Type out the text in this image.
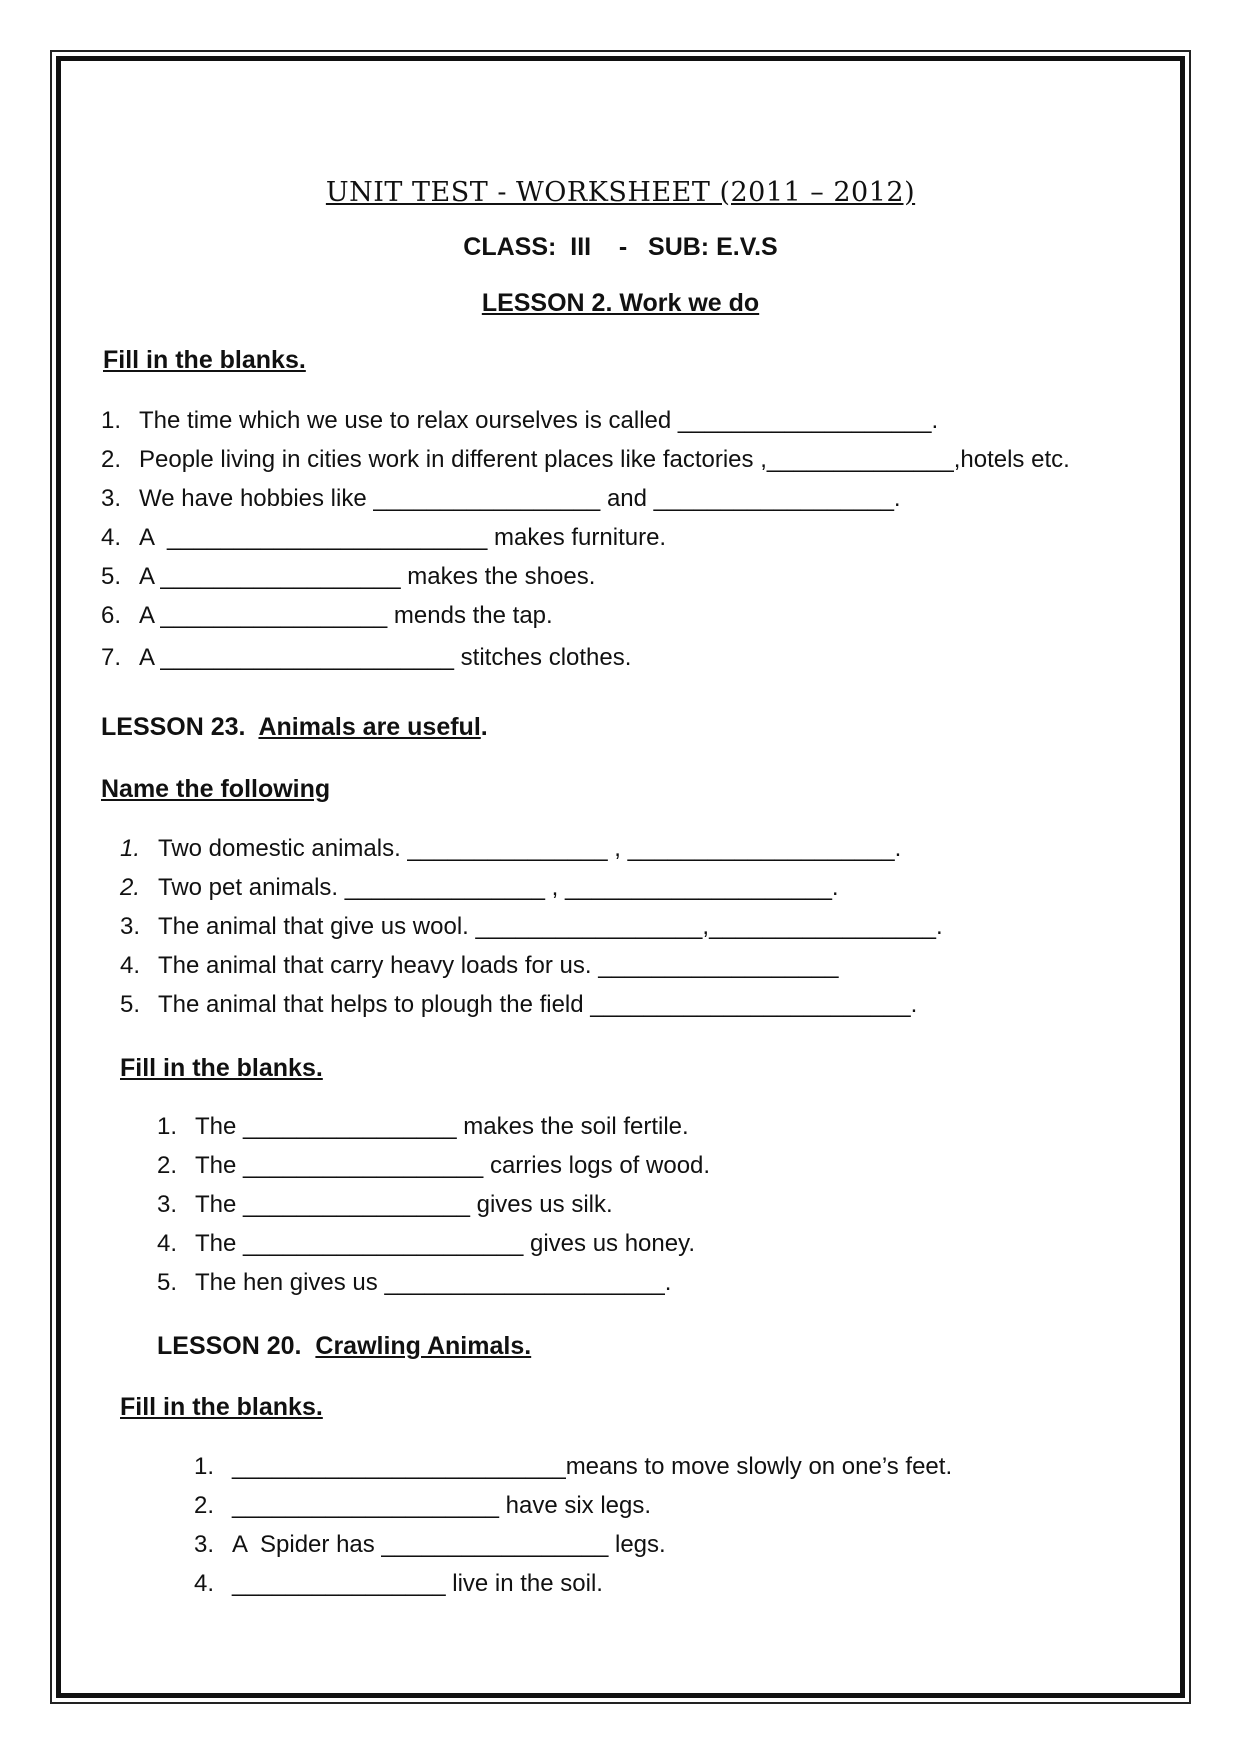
UNIT TEST - WORKSHEET (2011 – 2012)
CLASS:  III    -   SUB: E.V.S
LESSON 2. Work we do
Fill in the blanks.
1. The time which we use to relax ourselves is called ___________________.
2. People living in cities work in different places like factories ,______________,hotels etc.
3. We have hobbies like _________________ and __________________.
4. A  ________________________ makes furniture.
5. A __________________ makes the shoes.
6. A _________________ mends the tap.
7. A ______________________ stitches clothes.
LESSON 23.  Animals are useful.
Name the following
1. Two domestic animals. _______________ , ____________________.
2. Two pet animals. _______________ , ____________________.
3. The animal that give us wool. _________________,_________________.
4. The animal that carry heavy loads for us. __________________
5. The animal that helps to plough the field ________________________.
Fill in the blanks.
1. The ________________ makes the soil fertile.
2. The __________________ carries logs of wood.
3. The _________________ gives us silk.
4. The _____________________ gives us honey.
5. The hen gives us _____________________.
LESSON 20.  Crawling Animals.
Fill in the blanks.
1. _________________________means to move slowly on one’s feet.
2. ____________________ have six legs.
3. A  Spider has _________________ legs.
4. ________________ live in the soil.
